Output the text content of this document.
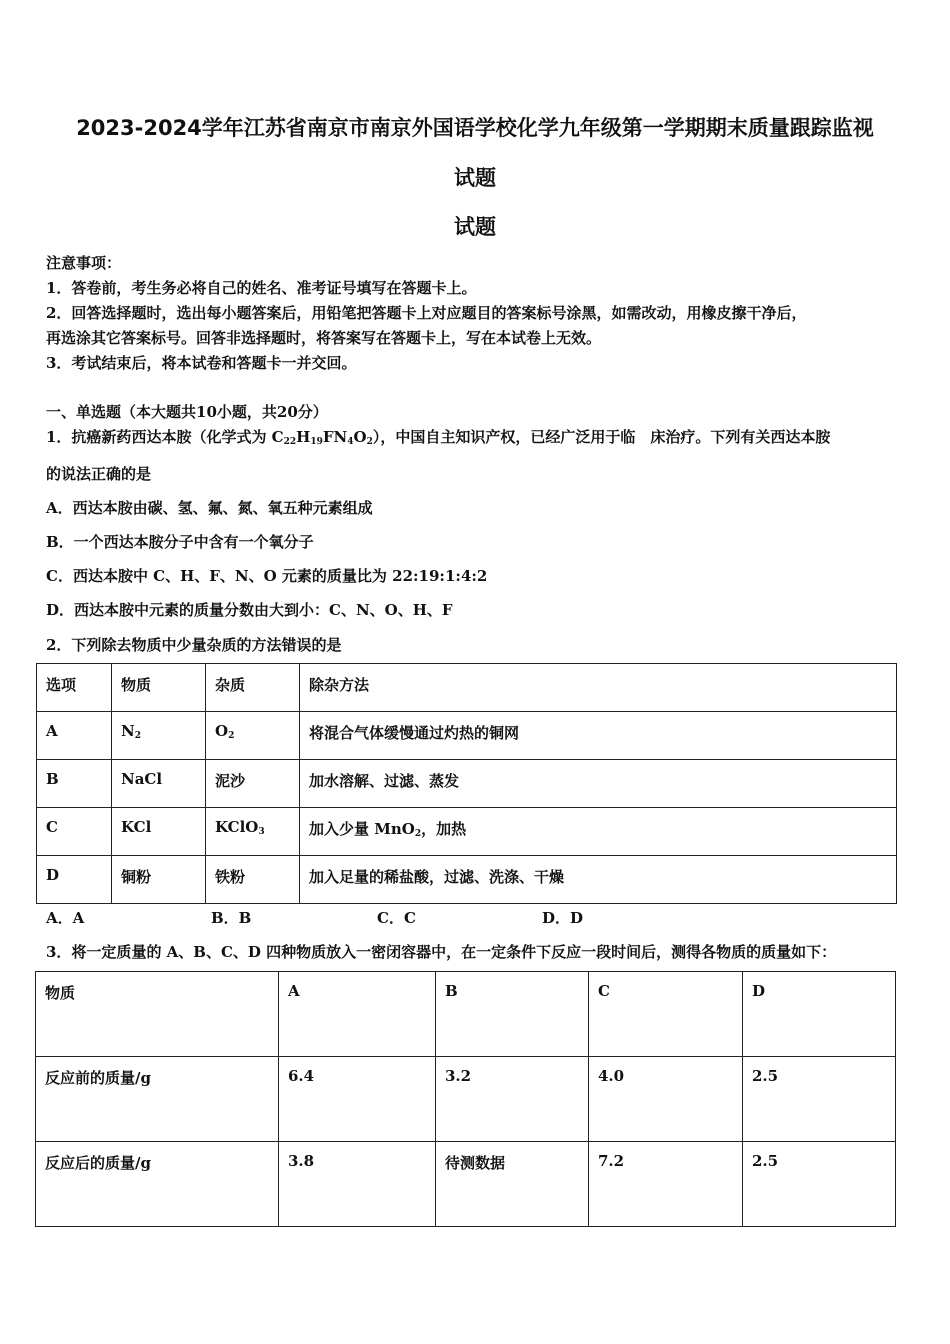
2023-2024学年江苏省南京市南京外国语学校化学九年级第一学期期末质量跟踪监视
试题
试题
注意事项：
1．答卷前，考生务必将自己的姓名、准考证号填写在答题卡上。
2．回答选择题时，选出每小题答案后，用铅笔把答题卡上对应题目的答案标号涂黑，如需改动，用橡皮擦干净后，
再选涂其它答案标号。回答非选择题时，将答案写在答题卡上，写在本试卷上无效。
3．考试结束后，将本试卷和答题卡一并交回。
一、单选题（本大题共10小题，共20分）
1．抗癌新药西达本胺（化学式为 $C_{22}H_{19}FN_4O_2$），中国自主知识产权，已经广泛用于临　床治疗。下列有关西达本胺
的说法正确的是
A．西达本胺由碳、氢、氟、氮、氧五种元素组成
B．一个西达本胺分子中含有一个氧分子
C．西达本胺中 C、H、F、N、O 元素的质量比为 22:19:1:4:2
D．西达本胺中元素的质量分数由大到小：C、N、O、H、F
2．下列除去物质中少量杂质的方法错误的是
选项	物质	杂质	除杂方法

A	$N_2$	$O_2$	将混合气体缓慢通过灼热的铜网

B	NaCl	泥沙	加水溶解、过滤、蒸发

C	KCl	KClO$_3$	加入少量 MnO$_2$，加热

D	铜粉	铁粉	加入足量的稀盐酸，过滤、洗涤、干燥
A．A	B．B	C．C	D．D
3．将一定质量的 A、B、C、D 四种物质放入一密闭容器中，在一定条件下反应一段时间后，测得各物质的质量如下：
物质	A	B	C	D

反应前的质量/g	6.4	3.2	4.0	2.5

反应后的质量/g	3.8	待测数据	7.2	2.5
